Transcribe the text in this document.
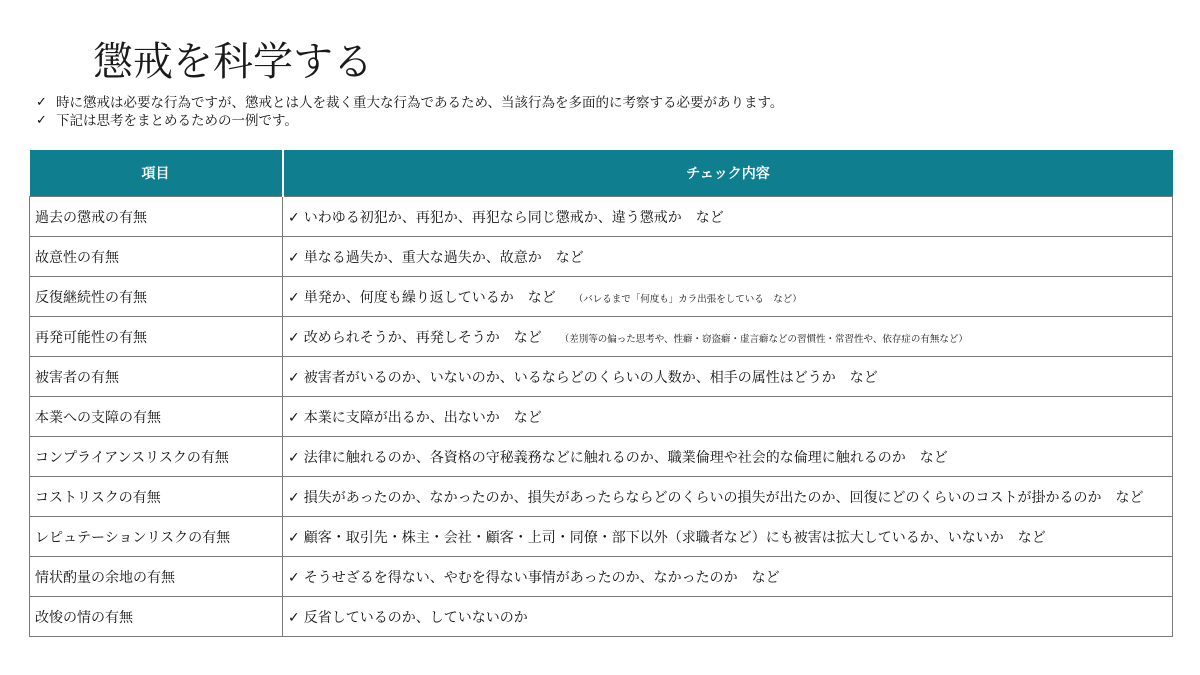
懲戒を科学する
✓ 時に懲戒は必要な行為ですが、懲戒とは人を裁く重大な行為であるため、当該行為を多面的に考察する必要があります。
✓ 下記は思考をまとめるための一例です。
項目	チェック内容
過去の懲戒の有無	✓ いわゆる初犯か、再犯か、再犯なら同じ懲戒か、違う懲戒か　など
故意性の有無	✓ 単なる過失か、重大な過失か、故意か　など
反復継続性の有無	✓ 単発か、何度も繰り返しているか　など （バレるまで「何度も」カラ出張をしている　など）
再発可能性の有無	✓ 改められそうか、再発しそうか　など （差別等の偏った思考や、性癖・窃盗癖・虚言癖などの習慣性・常習性や、依存症の有無など）
被害者の有無	✓ 被害者がいるのか、いないのか、いるならどのくらいの人数か、相手の属性はどうか　など
本業への支障の有無	✓ 本業に支障が出るか、出ないか　など
コンプライアンスリスクの有無	✓ 法律に触れるのか、各資格の守秘義務などに触れるのか、職業倫理や社会的な倫理に触れるのか　など
コストリスクの有無	✓ 損失があったのか、なかったのか、損失があったらならどのくらいの損失が出たのか、回復にどのくらいのコストが掛かるのか　など
レピュテーションリスクの有無	✓ 顧客・取引先・株主・会社・顧客・上司・同僚・部下以外（求職者など）にも被害は拡大しているか、いないか　など
情状酌量の余地の有無	✓ そうせざるを得ない、やむを得ない事情があったのか、なかったのか　など
改悛の情の有無	✓ 反省しているのか、していないのか
